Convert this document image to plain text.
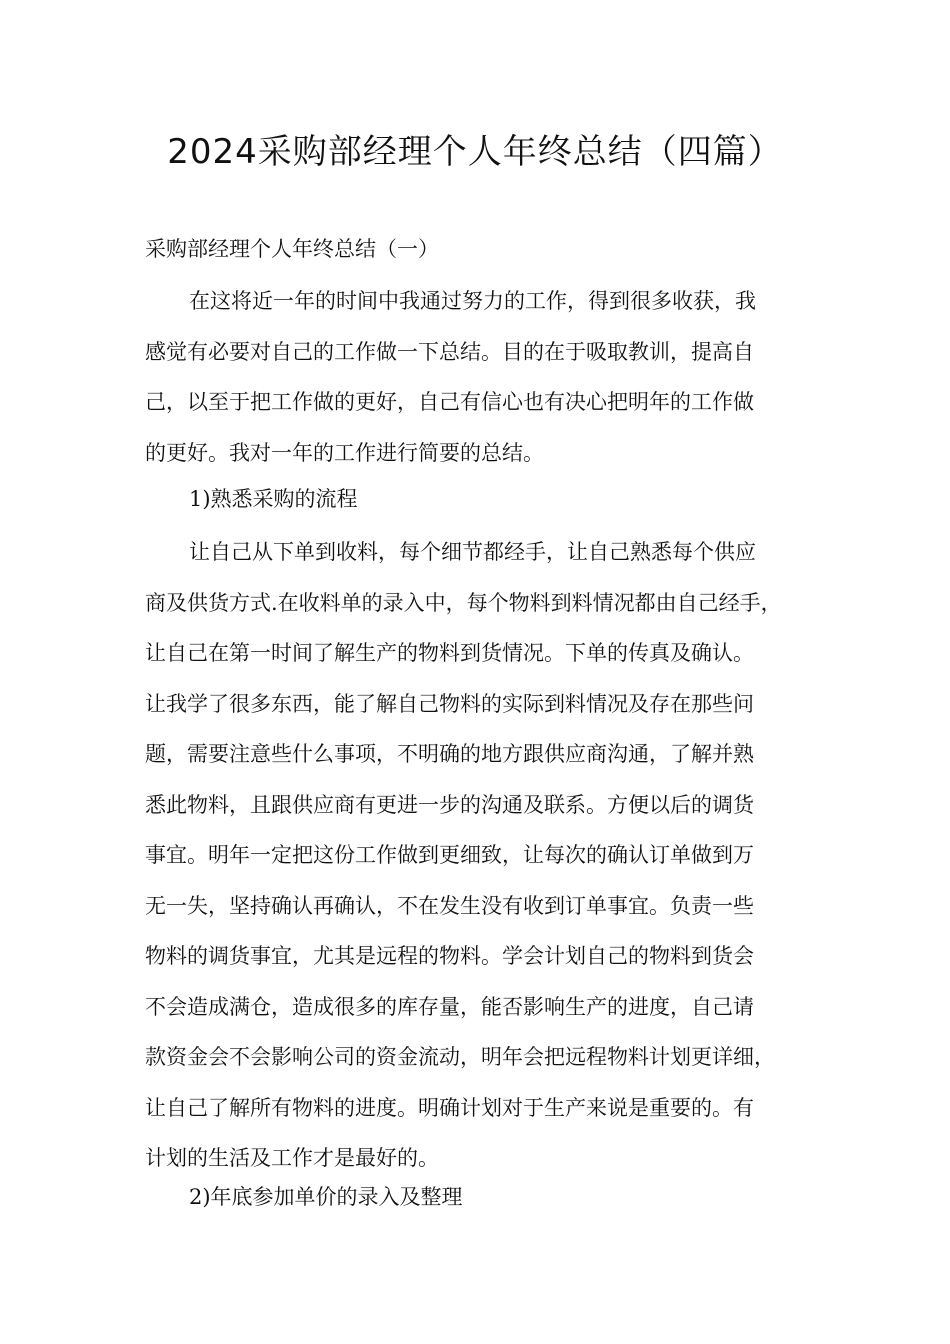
2024采购部经理个人年终总结（四篇）
采购部经理个人年终总结（一）
在这将近一年的时间中我通过努力的工作，得到很多收获，我
感觉有必要对自己的工作做一下总结。目的在于吸取教训，提高自
己，以至于把工作做的更好，自己有信心也有决心把明年的工作做
的更好。我对一年的工作进行简要的总结。
1)熟悉采购的流程
让自己从下单到收料，每个细节都经手，让自己熟悉每个供应
商及供货方式.在收料单的录入中，每个物料到料情况都由自己经手，
让自己在第一时间了解生产的物料到货情况。下单的传真及确认。
让我学了很多东西，能了解自己物料的实际到料情况及存在那些问
题，需要注意些什么事项，不明确的地方跟供应商沟通，了解并熟
悉此物料，且跟供应商有更进一步的沟通及联系。方便以后的调货
事宜。明年一定把这份工作做到更细致，让每次的确认订单做到万
无一失，坚持确认再确认，不在发生没有收到订单事宜。负责一些
物料的调货事宜，尤其是远程的物料。学会计划自己的物料到货会
不会造成满仓，造成很多的库存量，能否影响生产的进度，自己请
款资金会不会影响公司的资金流动，明年会把远程物料计划更详细，
让自己了解所有物料的进度。明确计划对于生产来说是重要的。有
计划的生活及工作才是最好的。
2)年底参加单价的录入及整理
